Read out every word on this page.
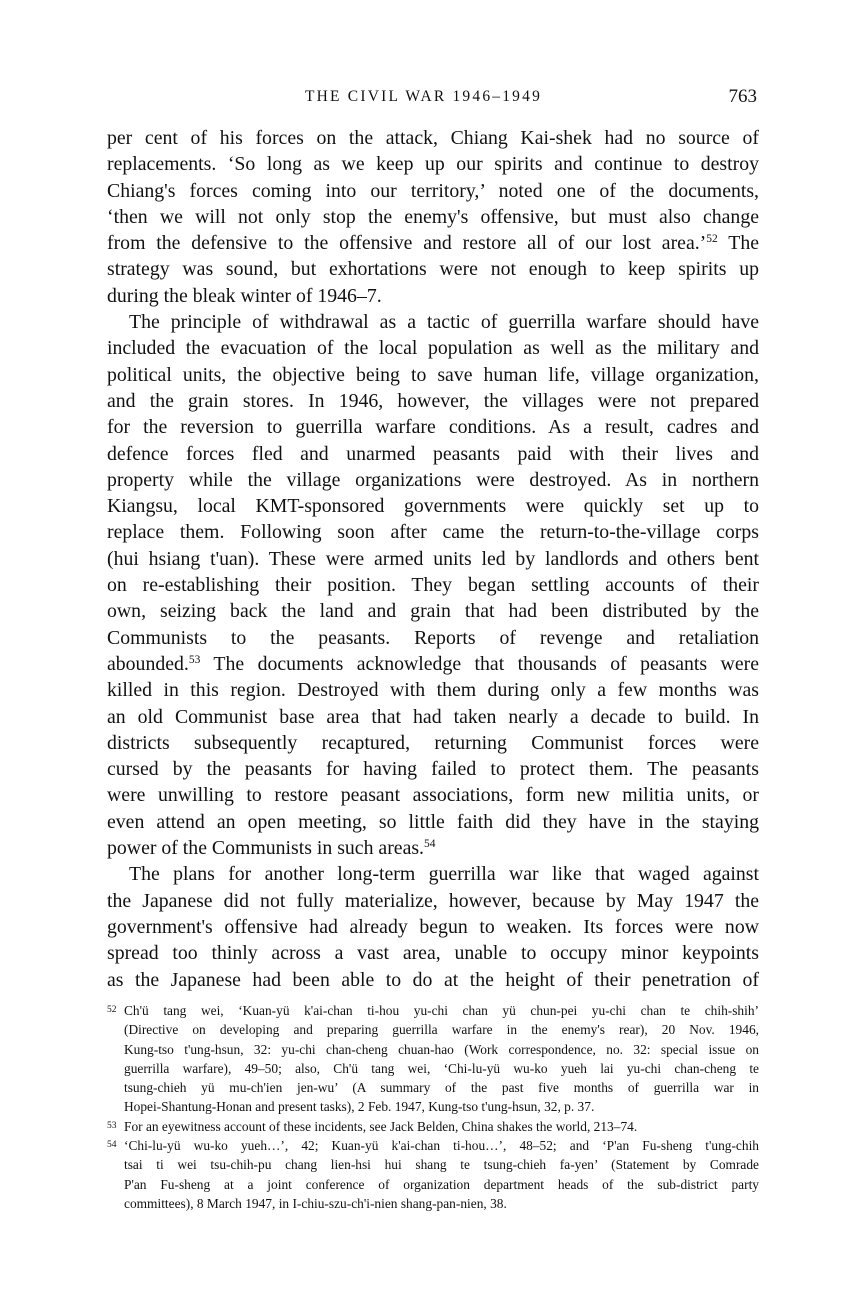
THE CIVIL WAR 1946–1949	763
per cent of his forces on the attack, Chiang Kai-shek had no source of
replacements. ‘So long as we keep up our spirits and continue to destroy
Chiang's forces coming into our territory,’ noted one of the documents,
‘then we will not only stop the enemy's offensive, but must also change
from the defensive to the offensive and restore all of our lost area.’$^{52}$ The
strategy was sound, but exhortations were not enough to keep spirits up
during the bleak winter of 1946–7.
The principle of withdrawal as a tactic of guerrilla warfare should have
included the evacuation of the local population as well as the military and
political units, the objective being to save human life, village organization,
and the grain stores. In 1946, however, the villages were not prepared
for the reversion to guerrilla warfare conditions. As a result, cadres and
defence forces fled and unarmed peasants paid with their lives and
property while the village organizations were destroyed. As in northern
Kiangsu, local KMT-sponsored governments were quickly set up to
replace them. Following soon after came the return-to-the-village corps
(hui hsiang t'uan). These were armed units led by landlords and others bent
on re-establishing their position. They began settling accounts of their
own, seizing back the land and grain that had been distributed by the
Communists to the peasants. Reports of revenge and retaliation
abounded.$^{53}$ The documents acknowledge that thousands of peasants were
killed in this region. Destroyed with them during only a few months was
an old Communist base area that had taken nearly a decade to build. In
districts subsequently recaptured, returning Communist forces were
cursed by the peasants for having failed to protect them. The peasants
were unwilling to restore peasant associations, form new militia units, or
even attend an open meeting, so little faith did they have in the staying
power of the Communists in such areas.$^{54}$
The plans for another long-term guerrilla war like that waged against
the Japanese did not fully materialize, however, because by May 1947 the
government's offensive had already begun to weaken. Its forces were now
spread too thinly across a vast area, unable to occupy minor keypoints
as the Japanese had been able to do at the height of their penetration of
52 Ch'ü tang wei, ‘Kuan-yü k'ai-chan ti-hou yu-chi chan yü chun-pei yu-chi chan te chih-shih’
(Directive on developing and preparing guerrilla warfare in the enemy's rear), 20 Nov. 1946,
Kung-tso t'ung-hsun, 32: yu-chi chan-cheng chuan-hao (Work correspondence, no. 32: special issue on
guerrilla warfare), 49–50; also, Ch'ü tang wei, ‘Chi-lu-yü wu-ko yueh lai yu-chi chan-cheng te
tsung-chieh yü mu-ch'ien jen-wu’ (A summary of the past five months of guerrilla war in
Hopei-Shantung-Honan and present tasks), 2 Feb. 1947, Kung-tso t'ung-hsun, 32, p. 37.
53 For an eyewitness account of these incidents, see Jack Belden, China shakes the world, 213–74.
54 ‘Chi-lu-yü wu-ko yueh…’, 42; Kuan-yü k'ai-chan ti-hou…’, 48–52; and ‘P'an Fu-sheng t'ung-chih
tsai ti wei tsu-chih-pu chang lien-hsi hui shang te tsung-chieh fa-yen’ (Statement by Comrade
P'an Fu-sheng at a joint conference of organization department heads of the sub-district party
committees), 8 March 1947, in I-chiu-szu-ch'i-nien shang-pan-nien, 38.
